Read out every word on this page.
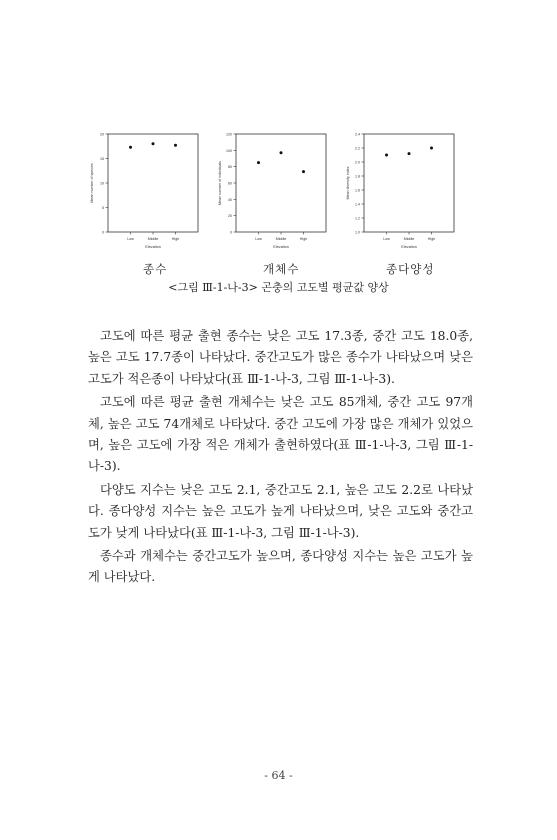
0
5
10
15
20
Low	Middle	High
Elevation
Mean number of species
0
20
40
60
80
100
120
Low	Middle	High
Elevation
Mean number of individuals
1.0
1.2
1.4
1.6
1.8
2.0
2.2
2.4
Low	Middle	High
Elevation
Mean diversity index
종수	개체수	종다양성
<그림 Ⅲ-1-나-3> 곤충의 고도별 평균값 양상

고도에 따른 평균 출현 종수는 낮은 고도 17.3종, 중간 고도 18.0종, 높은 고도 17.7종이 나타났다. 중간고도가 많은 종수가 나타났으며 낮은고도가 적은종이 나타났다(표 Ⅲ-1-나-3, 그림 Ⅲ-1-나-3).

고도에 따른 평균 출현 개체수는 낮은 고도 85개체, 중간 고도 97개체, 높은 고도 74개체로 나타났다. 중간 고도에 가장 많은 개체가 있었으며, 높은 고도에 가장 적은 개체가 출현하였다(표 Ⅲ-1-나-3, 그림 Ⅲ-1-나-3).

다양도 지수는 낮은 고도 2.1, 중간고도 2.1, 높은 고도 2.2로 나타났다. 종다양성 지수는 높은 고도가 높게 나타났으며, 낮은 고도와 중간고도가 낮게 나타났다(표 Ⅲ-1-나-3, 그림 Ⅲ-1-나-3).

종수과 개체수는 중간고도가 높으며, 종다양성 지수는 높은 고도가 높게 나타났다.

- 64 -
